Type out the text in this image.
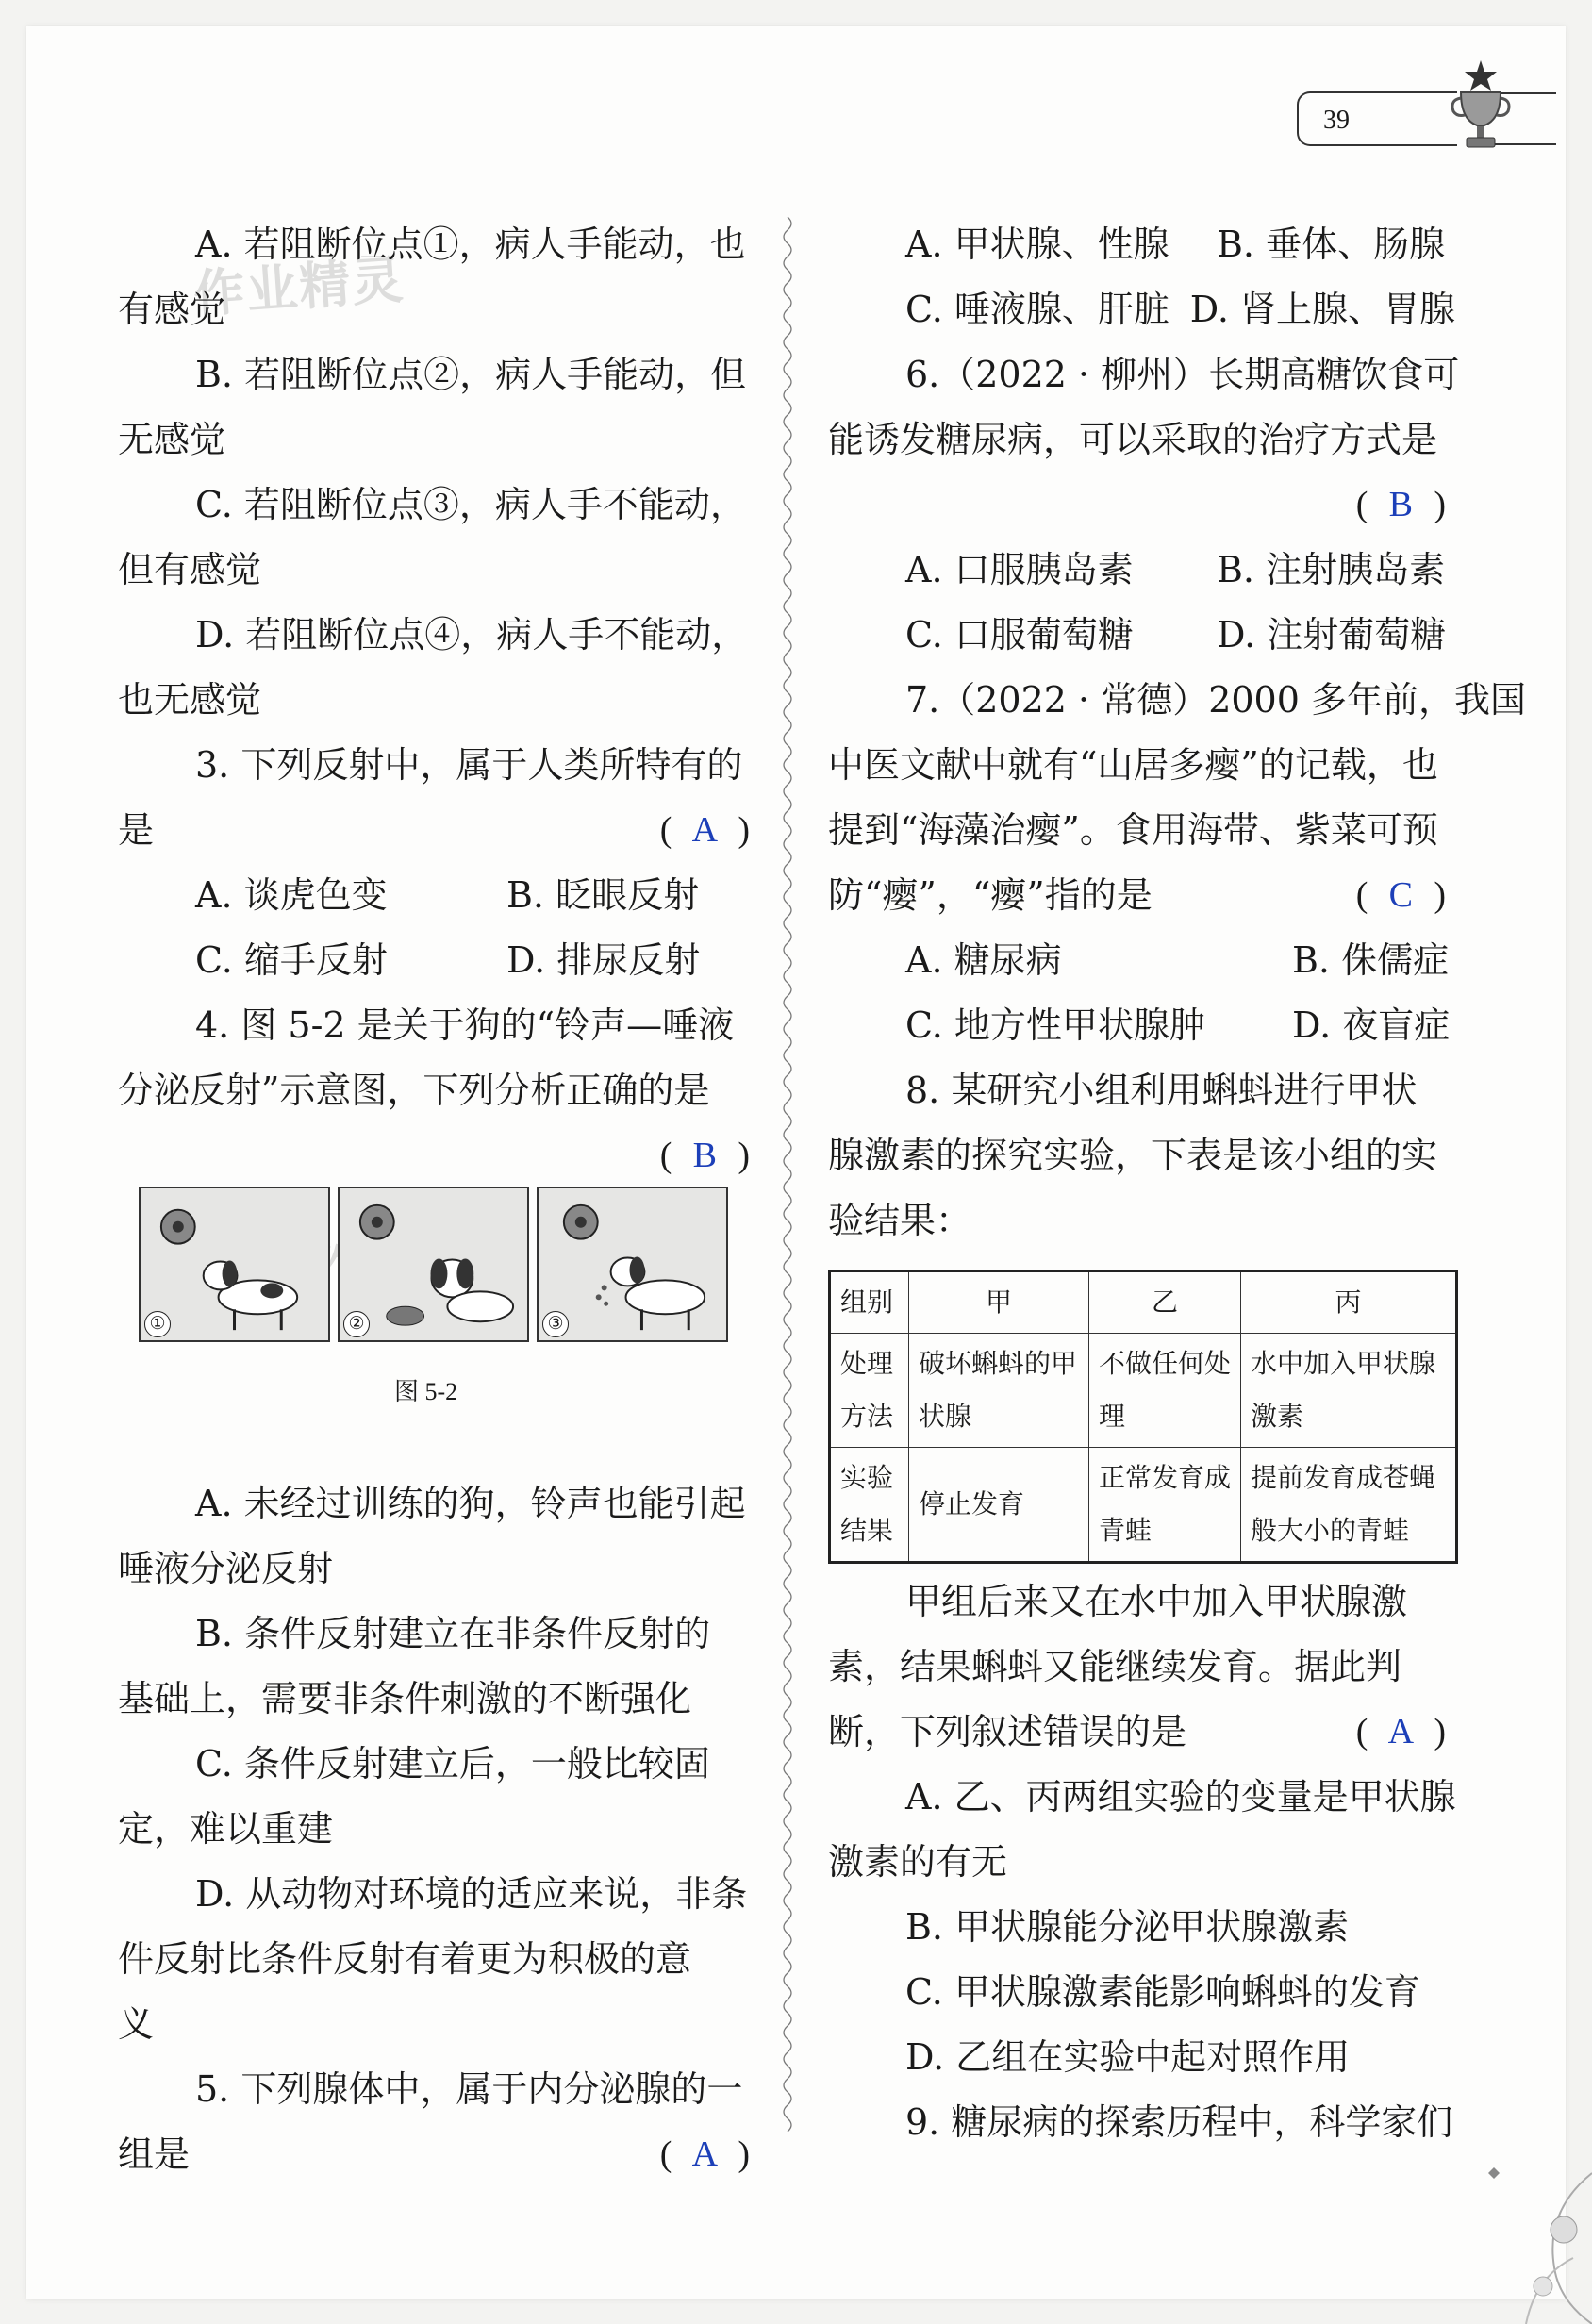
39
作业精灵
A. 若阻断位点①，病人手能动，也
有感觉
B. 若阻断位点②，病人手能动，但
无感觉
C. 若阻断位点③，病人手不能动，
但有感觉
D. 若阻断位点④，病人手不能动，
也无感觉
3. 下列反射中，属于人类所特有的
是	( A )
A. 谈虎色变	B. 眨眼反射
C. 缩手反射	D. 排尿反射
4. 图 5-2 是关于狗的“铃声—唾液
分泌反射”示意图，下列分析正确的是
( B )
A. 未经过训练的狗，铃声也能引起
唾液分泌反射
B. 条件反射建立在非条件反射的
基础上，需要非条件刺激的不断强化
C. 条件反射建立后，一般比较固
定，难以重建
D. 从动物对环境的适应来说，非条
件反射比条件反射有着更为积极的意
义
5. 下列腺体中，属于内分泌腺的一
组是	( A )
①	②	③
图 5-2
A. 甲状腺、性腺	B. 垂体、肠腺
C. 唾液腺、肝脏 D. 肾上腺、胃腺
6.（2022 · 柳州）长期高糖饮食可
能诱发糖尿病，可以采取的治疗方式是
( B )
A. 口服胰岛素	B. 注射胰岛素
C. 口服葡萄糖	D. 注射葡萄糖
7.（2022 · 常德）2000 多年前，我国
中医文献中就有“山居多瘿”的记载，也
提到“海藻治瘿”。食用海带、紫菜可预
防“瘿”，“瘿”指的是	( C )
A. 糖尿病	B. 侏儒症
C. 地方性甲状腺肿	D. 夜盲症
8. 某研究小组利用蝌蚪进行甲状
腺激素的探究实验，下表是该小组的实
验结果：
甲组后来又在水中加入甲状腺激
素，结果蝌蚪又能继续发育。据此判
断，下列叙述错误的是	( A )
A. 乙、丙两组实验的变量是甲状腺
激素的有无
B. 甲状腺能分泌甲状腺激素
C. 甲状腺激素能影响蝌蚪的发育
D. 乙组在实验中起对照作用
9. 糖尿病的探索历程中，科学家们
组别	甲	乙	丙
处理方法	破坏蝌蚪的甲状腺	不做任何处理	水中加入甲状腺激素
实验结果	停止发育	正常发育成青蛙	提前发育成苍蝇般大小的青蛙
